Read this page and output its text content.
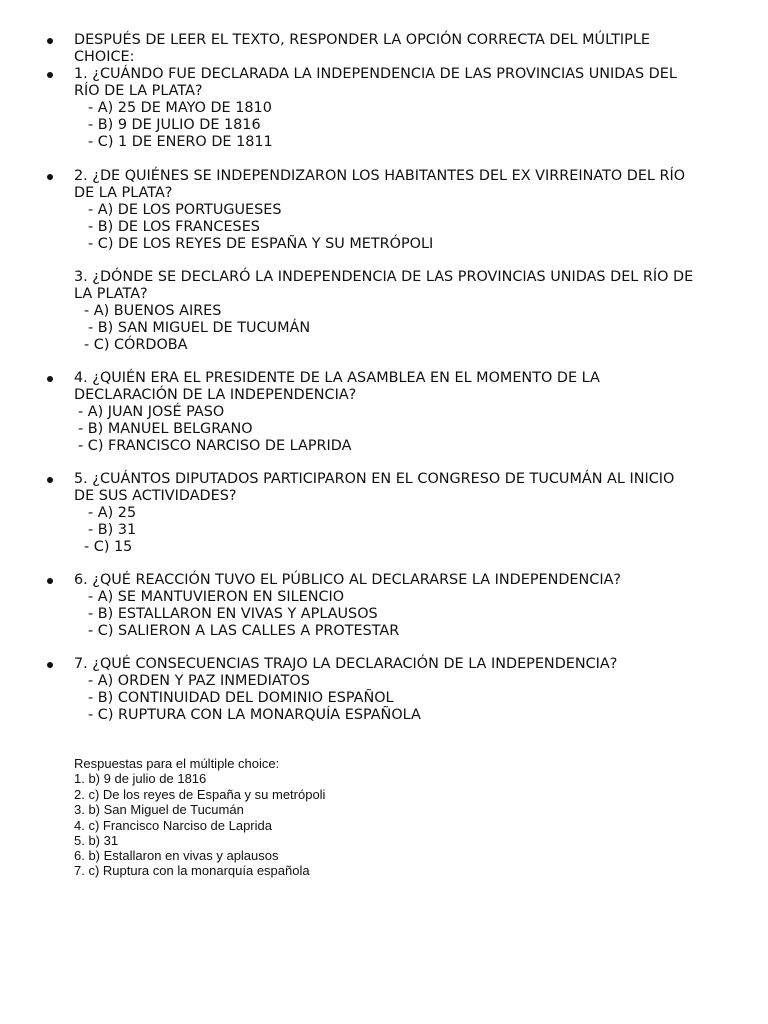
DESPUÉS DE LEER EL TEXTO, RESPONDER LA OPCIÓN CORRECTA DEL MÚLTIPLE

CHOICE:

1. ¿CUÁNDO FUE DECLARADA LA INDEPENDENCIA DE LAS PROVINCIAS UNIDAS DEL

RÍO DE LA PLATA?

- A) 25 DE MAYO DE 1810

- B) 9 DE JULIO DE 1816

- C) 1 DE ENERO DE 1811

2. ¿DE QUIÉNES SE INDEPENDIZARON LOS HABITANTES DEL EX VIRREINATO DEL RÍO

DE LA PLATA?

- A) DE LOS PORTUGUESES

- B) DE LOS FRANCESES

- C) DE LOS REYES DE ESPAÑA Y SU METRÓPOLI

3. ¿DÓNDE SE DECLARÓ LA INDEPENDENCIA DE LAS PROVINCIAS UNIDAS DEL RÍO DE

LA PLATA?

- A) BUENOS AIRES

- B) SAN MIGUEL DE TUCUMÁN

- C) CÓRDOBA

4. ¿QUIÉN ERA EL PRESIDENTE DE LA ASAMBLEA EN EL MOMENTO DE LA

DECLARACIÓN DE LA INDEPENDENCIA?

- A) JUAN JOSÉ PASO

- B) MANUEL BELGRANO

- C) FRANCISCO NARCISO DE LAPRIDA

5. ¿CUÁNTOS DIPUTADOS PARTICIPARON EN EL CONGRESO DE TUCUMÁN AL INICIO

DE SUS ACTIVIDADES?

- A) 25

- B) 31

- C) 15

6. ¿QUÉ REACCIÓN TUVO EL PÚBLICO AL DECLARARSE LA INDEPENDENCIA?

- A) SE MANTUVIERON EN SILENCIO

- B) ESTALLARON EN VIVAS Y APLAUSOS

- C) SALIERON A LAS CALLES A PROTESTAR

7. ¿QUÉ CONSECUENCIAS TRAJO LA DECLARACIÓN DE LA INDEPENDENCIA?

- A) ORDEN Y PAZ INMEDIATOS

- B) CONTINUIDAD DEL DOMINIO ESPAÑOL

- C) RUPTURA CON LA MONARQUÍA ESPAÑOLA

Respuestas para el múltiple choice:

1. b) 9 de julio de 1816

2. c) De los reyes de España y su metrópoli

3. b) San Miguel de Tucumán

4. c) Francisco Narciso de Laprida

5. b) 31

6. b) Estallaron en vivas y aplausos

7. c) Ruptura con la monarquía española
